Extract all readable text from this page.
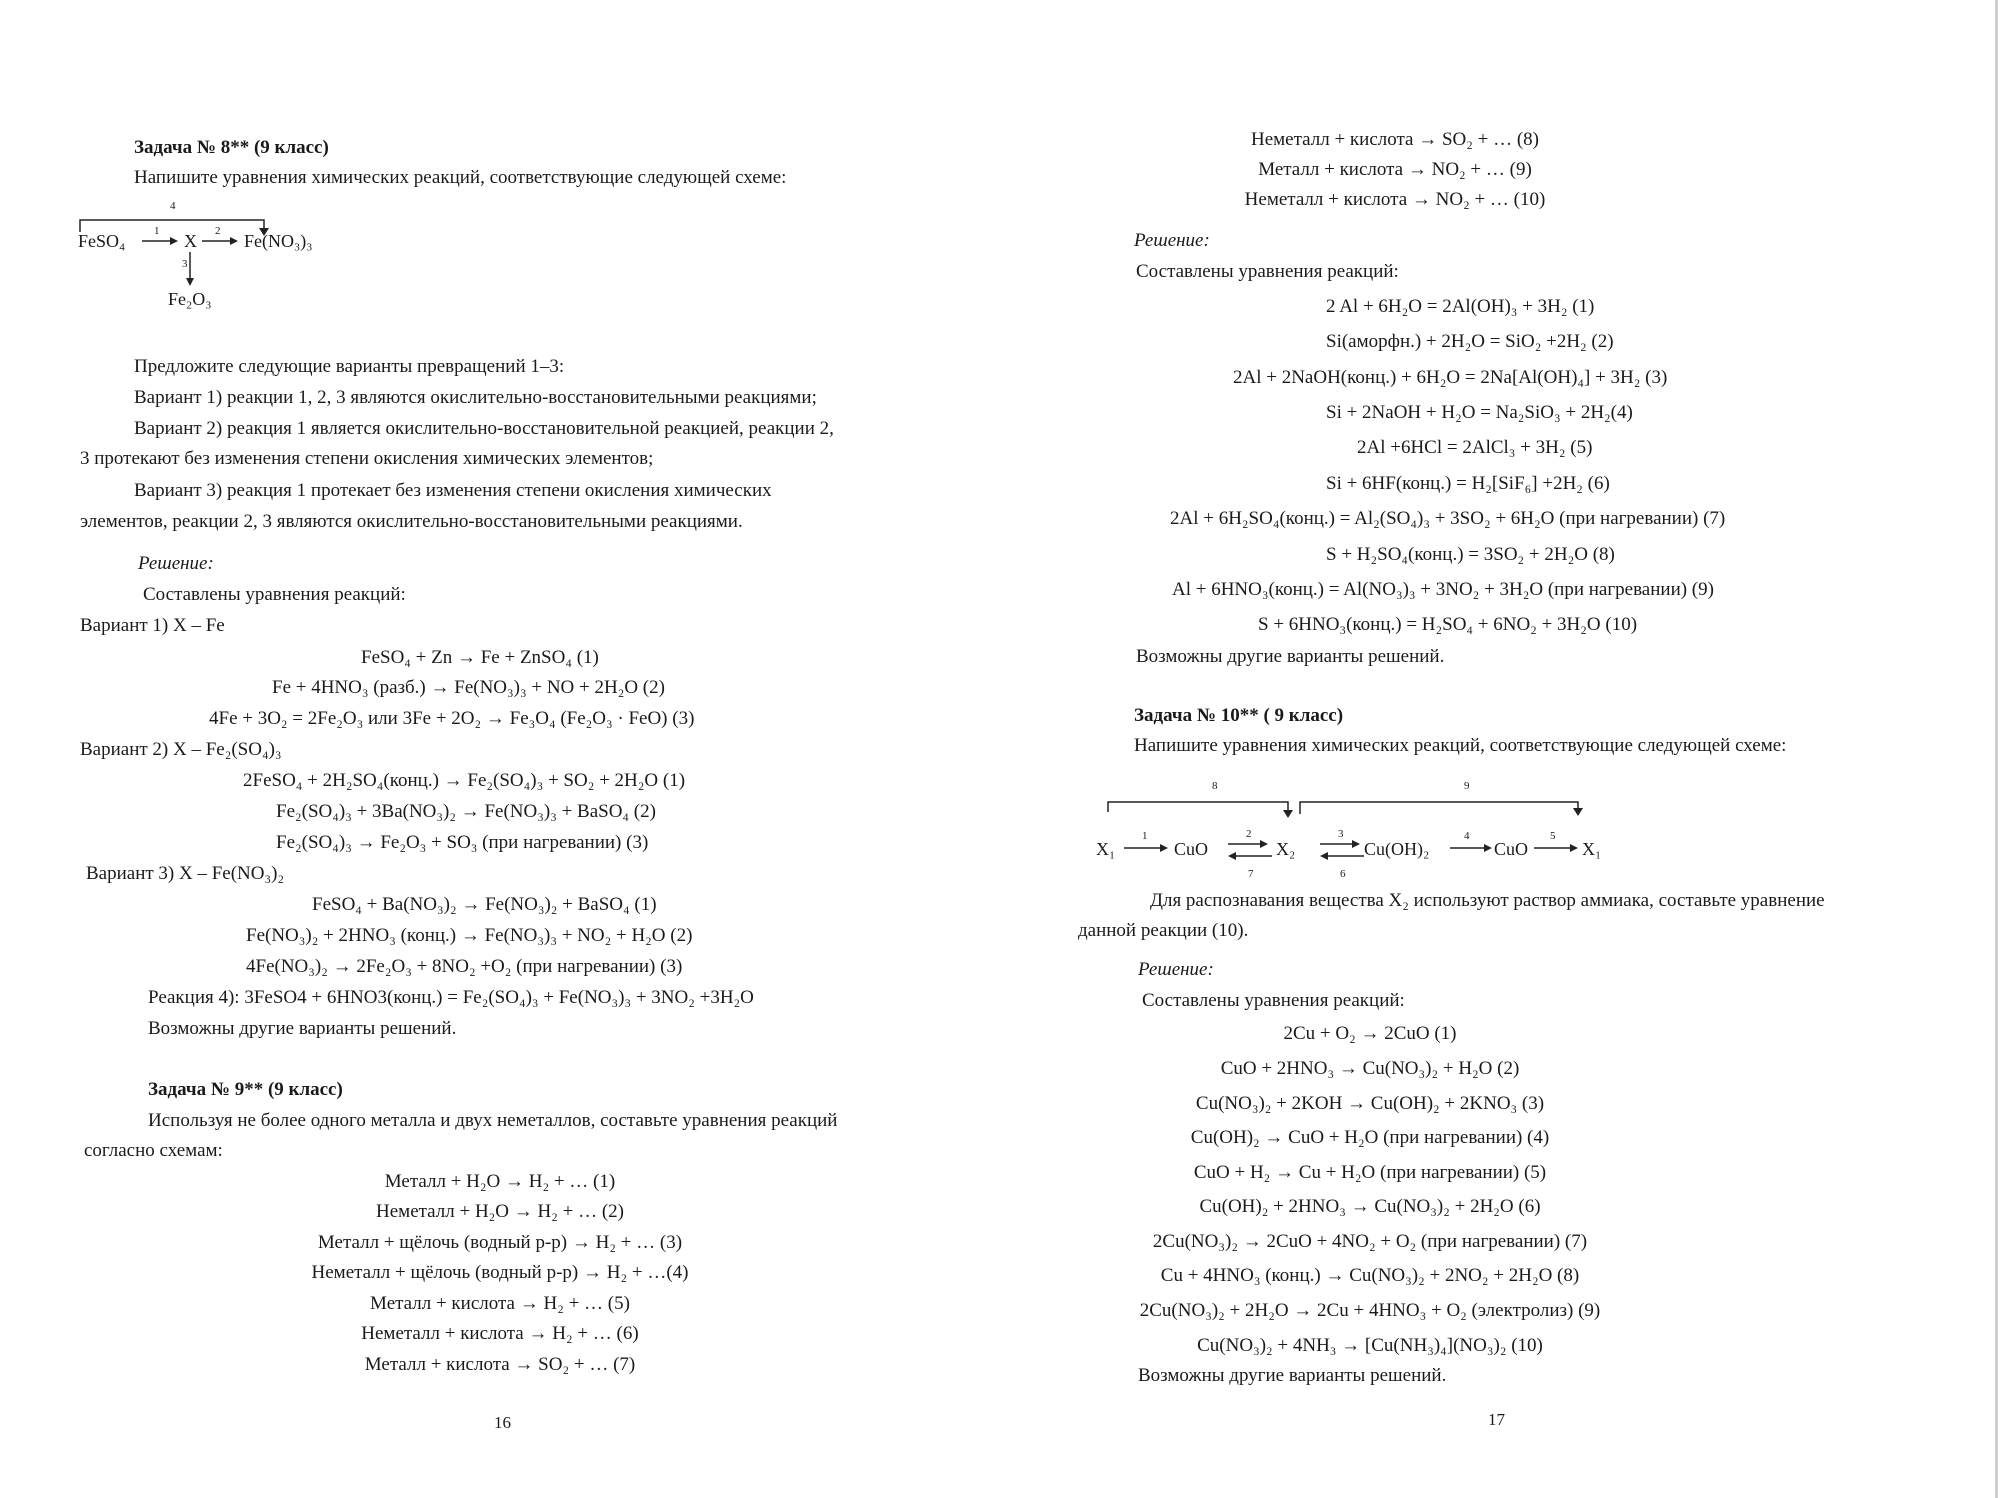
Задача № 8** (9 класс)
Напишите уравнения химических реакций, соответствующие следующей схеме:
4
1	2
3
FeSO₄	X	Fe(NO₃)₃
Fe₂O₃
Предложите следующие варианты превращений 1–3:
Вариант 1) реакции 1, 2, 3 являются окислительно-восстановительными реакциями;
Вариант 2) реакция 1 является окислительно-восстановительной реакцией, реакции 2,
3 протекают без изменения степени окисления химических элементов;
Вариант 3) реакция 1 протекает без изменения степени окисления химических
элементов, реакции 2, 3 являются окислительно-восстановительными реакциями.
Решение:
Составлены уравнения реакций:
Вариант 1) X – Fe
FeSO₄ + Zn → Fe + ZnSO₄ (1)
Fe + 4HNO₃ (разб.) → Fe(NO₃)₃ + NO + 2H₂O (2)
4Fe + 3O₂ = 2Fe₂O₃ или 3Fe + 2O₂ → Fe₃O₄ (Fe₂O₃ · FeO) (3)
Вариант 2) X – Fe₂(SO₄)₃
2FeSO₄ + 2H₂SO₄(конц.) → Fe₂(SO₄)₃ + SO₂ + 2H₂O (1)
Fe₂(SO₄)₃ + 3Ba(NO₃)₂ → Fe(NO₃)₃ + BaSO₄ (2)
Fe₂(SO₄)₃ → Fe₂O₃ + SO₃ (при нагревании) (3)
Вариант 3) X – Fe(NO₃)₂
FeSO₄ + Ba(NO₃)₂ → Fe(NO₃)₂ + BaSO₄ (1)
Fe(NO₃)₂ + 2HNO₃ (конц.) → Fe(NO₃)₃ + NO₂ + H₂O (2)
4Fe(NO₃)₂ → 2Fe₂O₃ + 8NO₂ +O₂ (при нагревании) (3)
Реакция 4): 3FeSO4 + 6HNO3(конц.) = Fe₂(SO₄)₃ + Fe(NO₃)₃ + 3NO₂ +3H₂O
Возможны другие варианты решений.
Задача № 9** (9 класс)
Используя не более одного металла и двух неметаллов, составьте уравнения реакций
согласно схемам:
Металл + H₂O → H₂ + … (1)
Неметалл + H₂O → H₂ + … (2)
Металл + щёлочь (водный р-р) → H₂ + … (3)
Неметалл + щёлочь (водный р-р) → H₂ + …(4)
Металл + кислота → H₂ + … (5)
Неметалл + кислота → H₂ + … (6)
Металл + кислота → SO₂ + … (7)
16
Неметалл + кислота → SO₂ + … (8)
Металл + кислота → NO₂ + … (9)
Неметалл + кислота → NO₂ + … (10)
Решение:
Составлены уравнения реакций:
2 Al + 6H₂O = 2Al(OH)₃ + 3H₂ (1)
Si(аморфн.) + 2H₂O = SiO₂ +2H₂ (2)
2Al + 2NaOH(конц.) + 6H₂O = 2Na[Al(OH)₄] + 3H₂ (3)
Si + 2NaOH + H₂O = Na₂SiO₃ + 2H₂(4)
2Al +6HCl = 2AlCl₃ + 3H₂ (5)
Si + 6HF(конц.) = H₂[SiF₆] +2H₂ (6)
2Al + 6H₂SO₄(конц.) = Al₂(SO₄)₃ + 3SO₂ + 6H₂O (при нагревании) (7)
S + H₂SO₄(конц.) = 3SO₂ + 2H₂O (8)
Al + 6HNO₃(конц.) = Al(NO₃)₃ + 3NO₂ + 3H₂O (при нагревании) (9)
S + 6HNO₃(конц.) = H₂SO₄ + 6NO₂ + 3H₂O (10)
Возможны другие варианты решений.
Задача № 10** ( 9 класс)
Напишите уравнения химических реакций, соответствующие следующей схеме:
8	9
1	2	3	4	5
6
7
X₁	CuO	X₂	Cu(OH)₂	CuO	X₁
Для распознавания вещества X₂ используют раствор аммиака, составьте уравнение
данной реакции (10).
Решение:
Составлены уравнения реакций:
2Cu + O₂ → 2CuO (1)
CuO + 2HNO₃ → Cu(NO₃)₂ + H₂O (2)
Cu(NO₃)₂ + 2KOH → Cu(OH)₂ + 2KNO₃ (3)
Cu(OH)₂ → CuO + H₂O (при нагревании) (4)
CuO + H₂ → Cu + H₂O (при нагревании) (5)
Cu(OH)₂ + 2HNO₃ → Cu(NO₃)₂ + 2H₂O (6)
2Cu(NO₃)₂ → 2CuO + 4NO₂ + O₂ (при нагревании) (7)
Cu + 4HNO₃ (конц.) → Cu(NO₃)₂ + 2NO₂ + 2H₂O (8)
2Cu(NO₃)₂ + 2H₂O → 2Cu + 4HNO₃ + O₂ (электролиз) (9)
Cu(NO₃)₂ + 4NH₃ → [Cu(NH₃)₄](NO₃)₂ (10)
Возможны другие варианты решений.
17
